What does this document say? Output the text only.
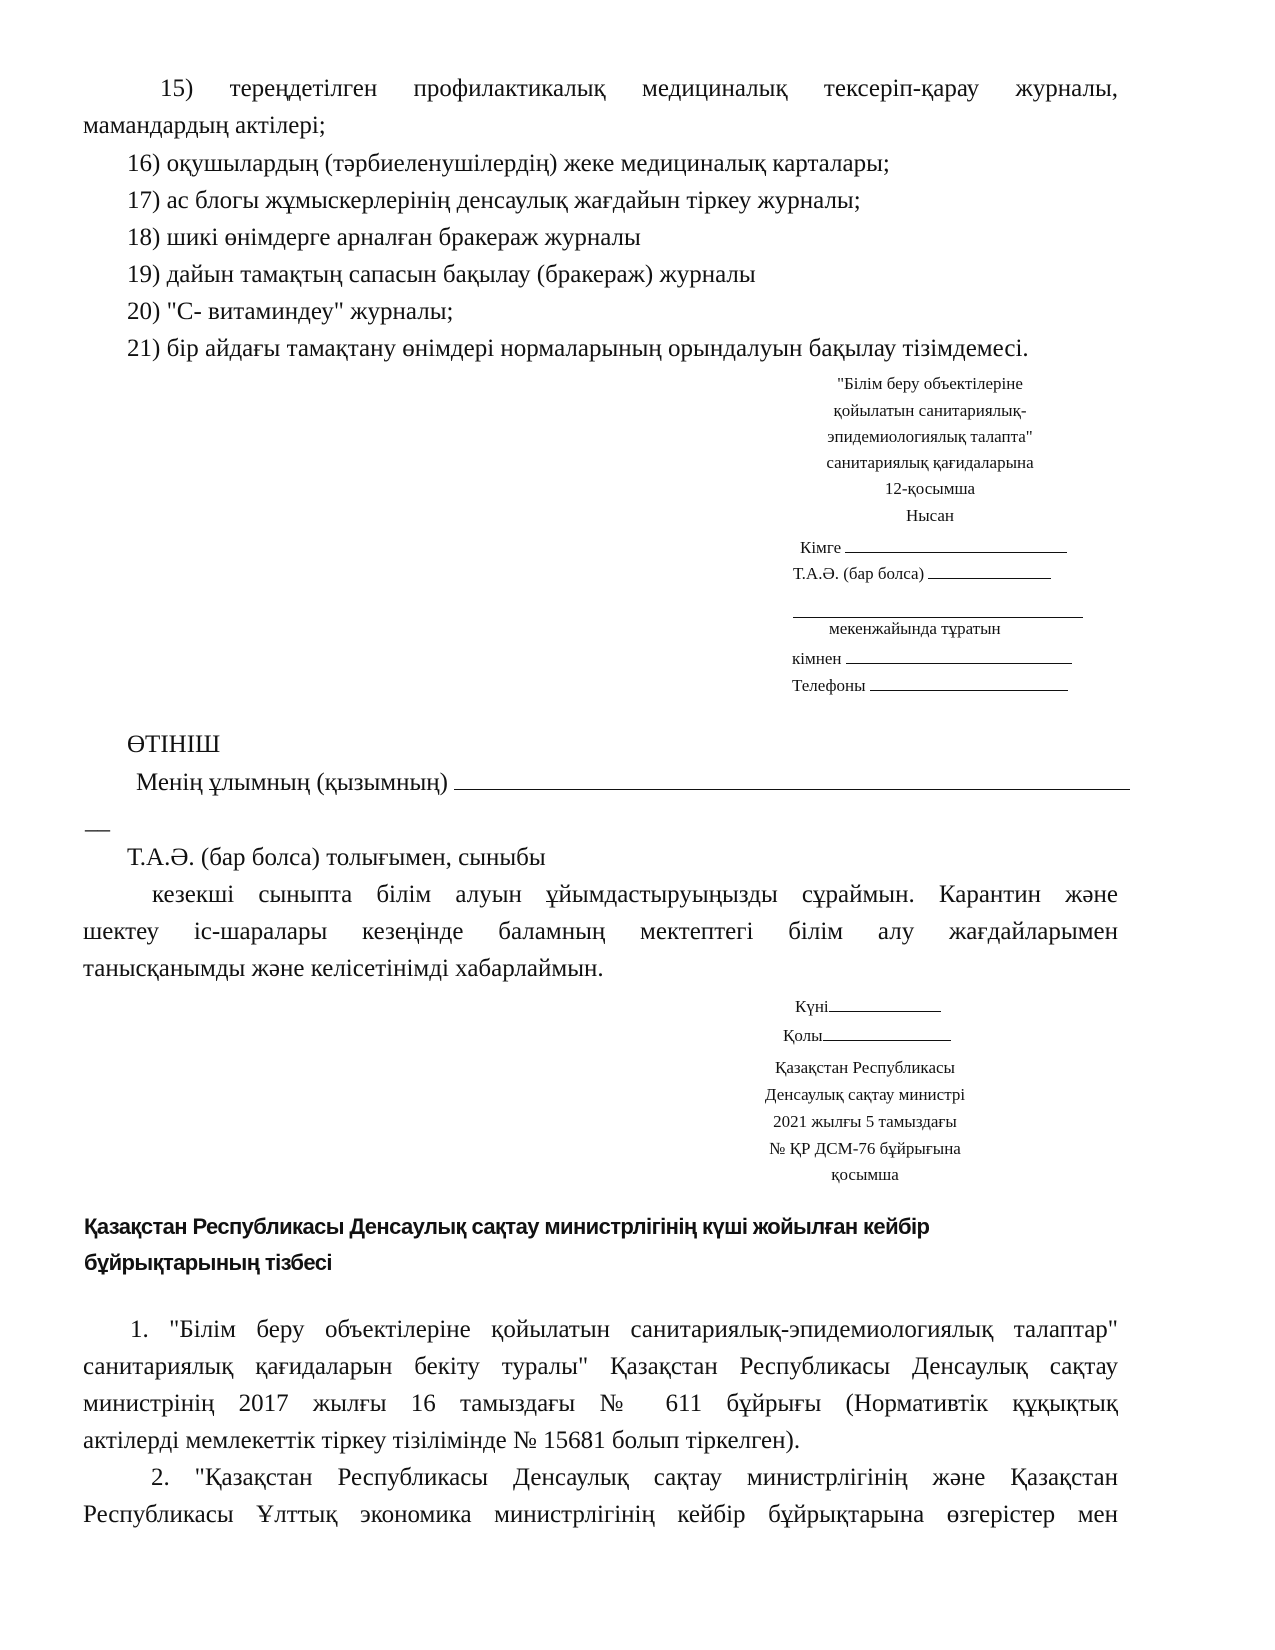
15) тереңдетілген профилактикалық медициналық тексеріп-қарау журналы,
мамандардың актілері;
16) оқушылардың (тәрбиеленушілердің) жеке медициналық карталары;
17) ас блогы жұмыскерлерінің денсаулық жағдайын тіркеу журналы;
18) шикі өнімдерге арналған бракераж журналы
19) дайын тамақтың сапасын бақылау (бракераж) журналы
20) "С- витаминдеу" журналы;
21) бір айдағы тамақтану өнімдері нормаларының орындалуын бақылау тізімдемесі.
"Білім беру объектілеріне
қойылатын санитариялық-
эпидемиологиялық талапта"
санитариялық қағидаларына
12-қосымша
Нысан
Кімге
Т.А.Ә. (бар болса)
мекенжайында тұратын
кімнен
Телефоны
ӨТІНІШ
Менің ұлымның (қызымның)
__
Т.А.Ә. (бар болса) толығымен, сыныбы
кезекші сыныпта білім алуын ұйымдастыруыңызды сұраймын. Карантин және
шектеу іс-шаралары кезеңінде баламның мектептегі білім алу жағдайларымен
танысқанымды және келісетінімді хабарлаймын.
Күні
Қолы
Қазақстан Республикасы
Денсаулық сақтау министрі
2021 жылғы 5 тамыздағы
№ ҚР ДСМ-76 бұйрығына
қосымша
Қазақстан Республикасы Денсаулық сақтау министрлігінің күші жойылған кейбір
бұйрықтарының тізбесі
1. "Білім беру объектілеріне қойылатын санитариялық-эпидемиологиялық талаптар"
санитариялық қағидаларын бекіту туралы" Қазақстан Республикасы Денсаулық сақтау
министрінің 2017 жылғы 16 тамыздағы № 611 бұйрығы (Нормативтік құқықтық
актілерді мемлекеттік тіркеу тізілімінде № 15681 болып тіркелген).
2. "Қазақстан Республикасы Денсаулық сақтау министрлігінің және Қазақстан
Республикасы Ұлттық экономика министрлігінің кейбір бұйрықтарына өзгерістер мен
